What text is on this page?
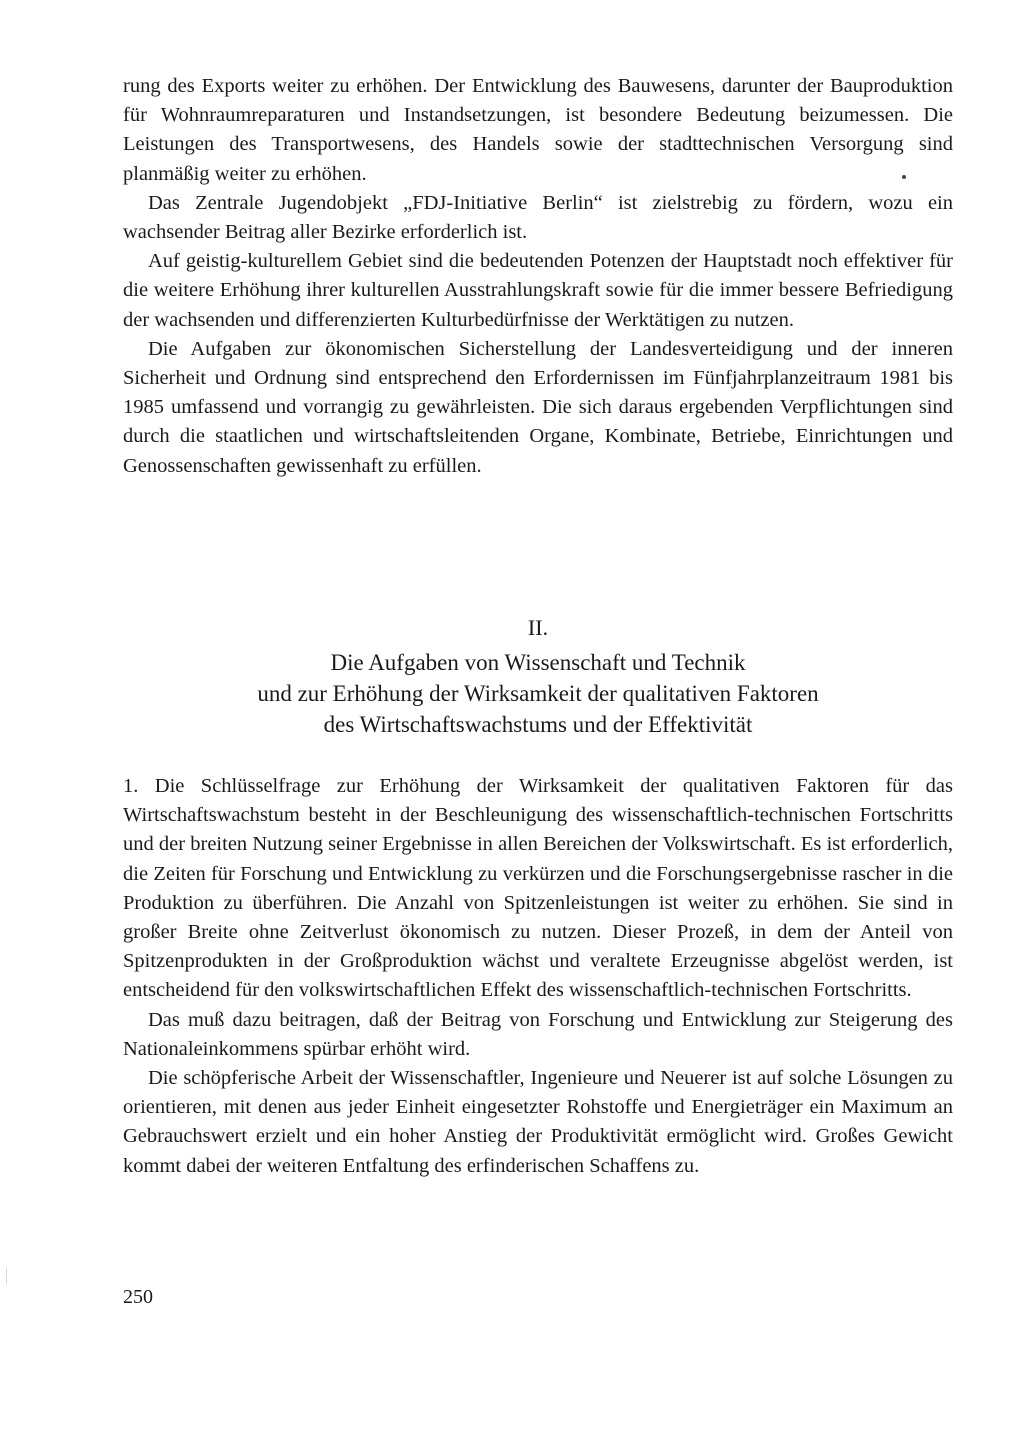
rung des Exports weiter zu erhöhen. Der Entwicklung des Bauwesens, darunter der Bauproduktion für Wohnraumreparaturen und Instandsetzungen, ist besondere Bedeutung beizumessen. Die Leistungen des Transportwesens, des Handels sowie der stadttechnischen Versorgung sind planmäßig weiter zu erhöhen.

Das Zentrale Jugendobjekt „FDJ-Initiative Berlin“ ist zielstrebig zu fördern, wozu ein wachsender Beitrag aller Bezirke erforderlich ist.

Auf geistig-kulturellem Gebiet sind die bedeutenden Potenzen der Hauptstadt noch effektiver für die weitere Erhöhung ihrer kulturellen Ausstrahlungskraft sowie für die immer bessere Befriedigung der wachsenden und differenzierten Kulturbedürfnisse der Werktätigen zu nutzen.

Die Aufgaben zur ökonomischen Sicherstellung der Landesverteidigung und der inneren Sicherheit und Ordnung sind entsprechend den Erfordernissen im Fünfjahrplanzeitraum 1981 bis 1985 umfassend und vorrangig zu gewährleisten. Die sich daraus ergebenden Verpflichtungen sind durch die staatlichen und wirtschaftsleitenden Organe, Kombinate, Betriebe, Einrichtungen und Genossenschaften gewissenhaft zu erfüllen.

II.

Die Aufgaben von Wissenschaft und Technik

und zur Erhöhung der Wirksamkeit der qualitativen Faktoren

des Wirtschaftswachstums und der Effektivität

1. Die Schlüsselfrage zur Erhöhung der Wirksamkeit der qualitativen Faktoren für das Wirtschaftswachstum besteht in der Beschleunigung des wissenschaftlich-technischen Fortschritts und der breiten Nutzung seiner Ergebnisse in allen Bereichen der Volkswirtschaft. Es ist erforderlich, die Zeiten für Forschung und Entwicklung zu verkürzen und die Forschungsergebnisse rascher in die Produktion zu überführen. Die Anzahl von Spitzenleistungen ist weiter zu erhöhen. Sie sind in großer Breite ohne Zeitverlust ökonomisch zu nutzen. Dieser Prozeß, in dem der Anteil von Spitzenprodukten in der Großproduktion wächst und veraltete Erzeugnisse abgelöst werden, ist entscheidend für den volkswirtschaftlichen Effekt des wissenschaftlich-technischen Fortschritts.

Das muß dazu beitragen, daß der Beitrag von Forschung und Entwicklung zur Steigerung des Nationaleinkommens spürbar erhöht wird.

Die schöpferische Arbeit der Wissenschaftler, Ingenieure und Neuerer ist auf solche Lösungen zu orientieren, mit denen aus jeder Einheit eingesetzter Rohstoffe und Energieträger ein Maximum an Gebrauchswert erzielt und ein hoher Anstieg der Produktivität ermöglicht wird. Großes Gewicht kommt dabei der weiteren Entfaltung des erfinderischen Schaffens zu.

250
